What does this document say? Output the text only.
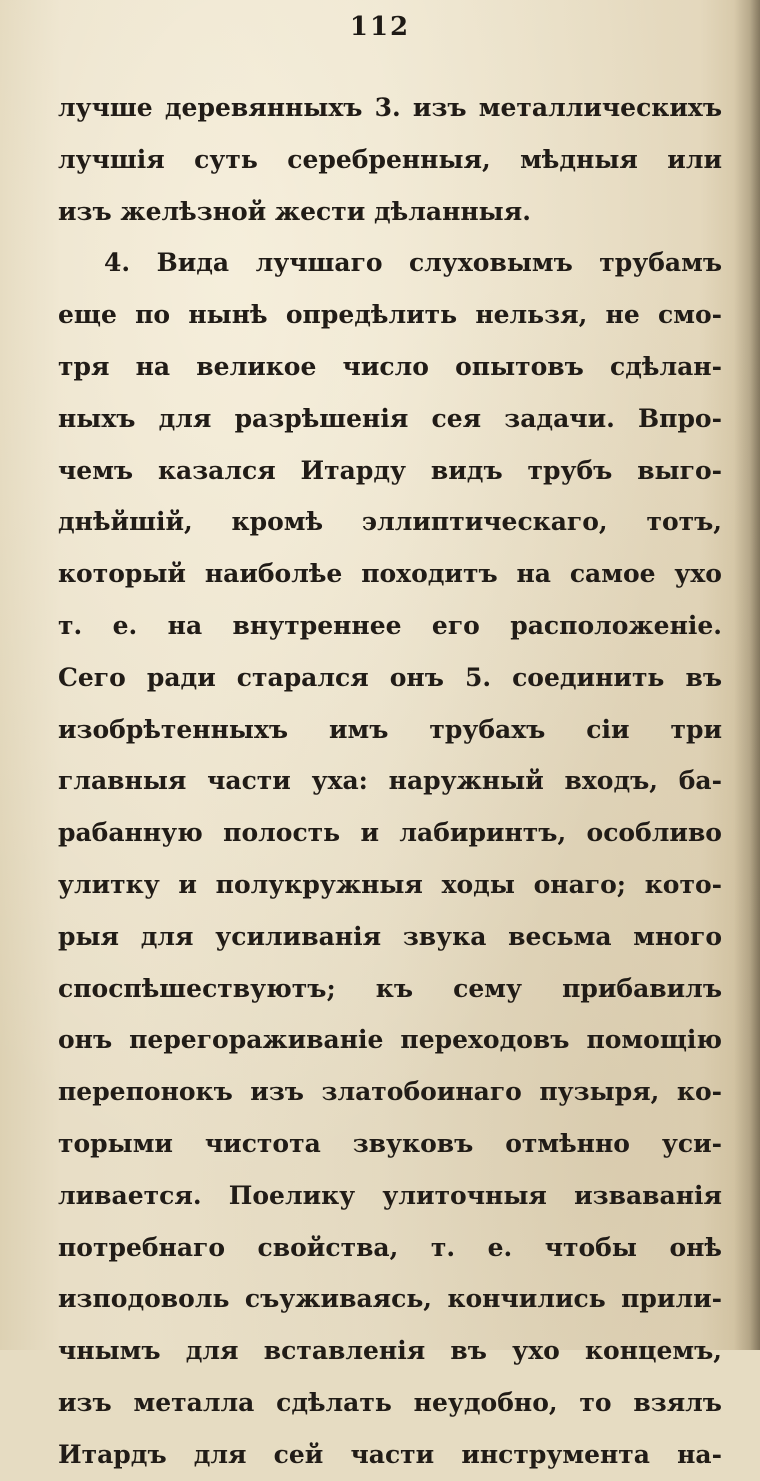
112
лучше деревянныхъ 3. изъ металлическихъ
лучшія суть серебренныя, мѣдныя или
изъ желѣзной жести дѣланныя.
4. Вида лучшаго слуховымъ трубамъ
еще по нынѣ опредѣлить нельзя, не смо-
тря на великое число опытовъ сдѣлан-
ныхъ для разрѣшенія сея задачи. Впро-
чемъ казался Итарду видъ трубъ выго-
днѣйшій, кромѣ эллиптическаго, тотъ,
который наиболѣе походитъ на самое ухо
т. е. на внутреннее его расположеніе.
Сего ради старался онъ 5. соединить въ
изобрѣтенныхъ имъ трубахъ сіи три
главныя части уха: наружный входъ, ба-
рабанную полость и лабиринтъ, особливо
улитку и полукружныя ходы онаго; кото-
рыя для усиливанія звука весьма много
споспѣшествуютъ; къ сему прибавилъ
онъ перегораживаніе переходовъ помощію
перепонокъ изъ златобоинаго пузыря, ко-
торыми чистота звуковъ отмѣнно уси-
ливается. Поелику улиточныя изваванія
потребнаго свойства, т. е. чтобы онѣ
изподоволь съуживаясь, кончились прили-
чнымъ для вставленія въ ухо концемъ,
изъ металла сдѣлать неудобно, то взялъ
Итардъ для сей части инструмента на-
